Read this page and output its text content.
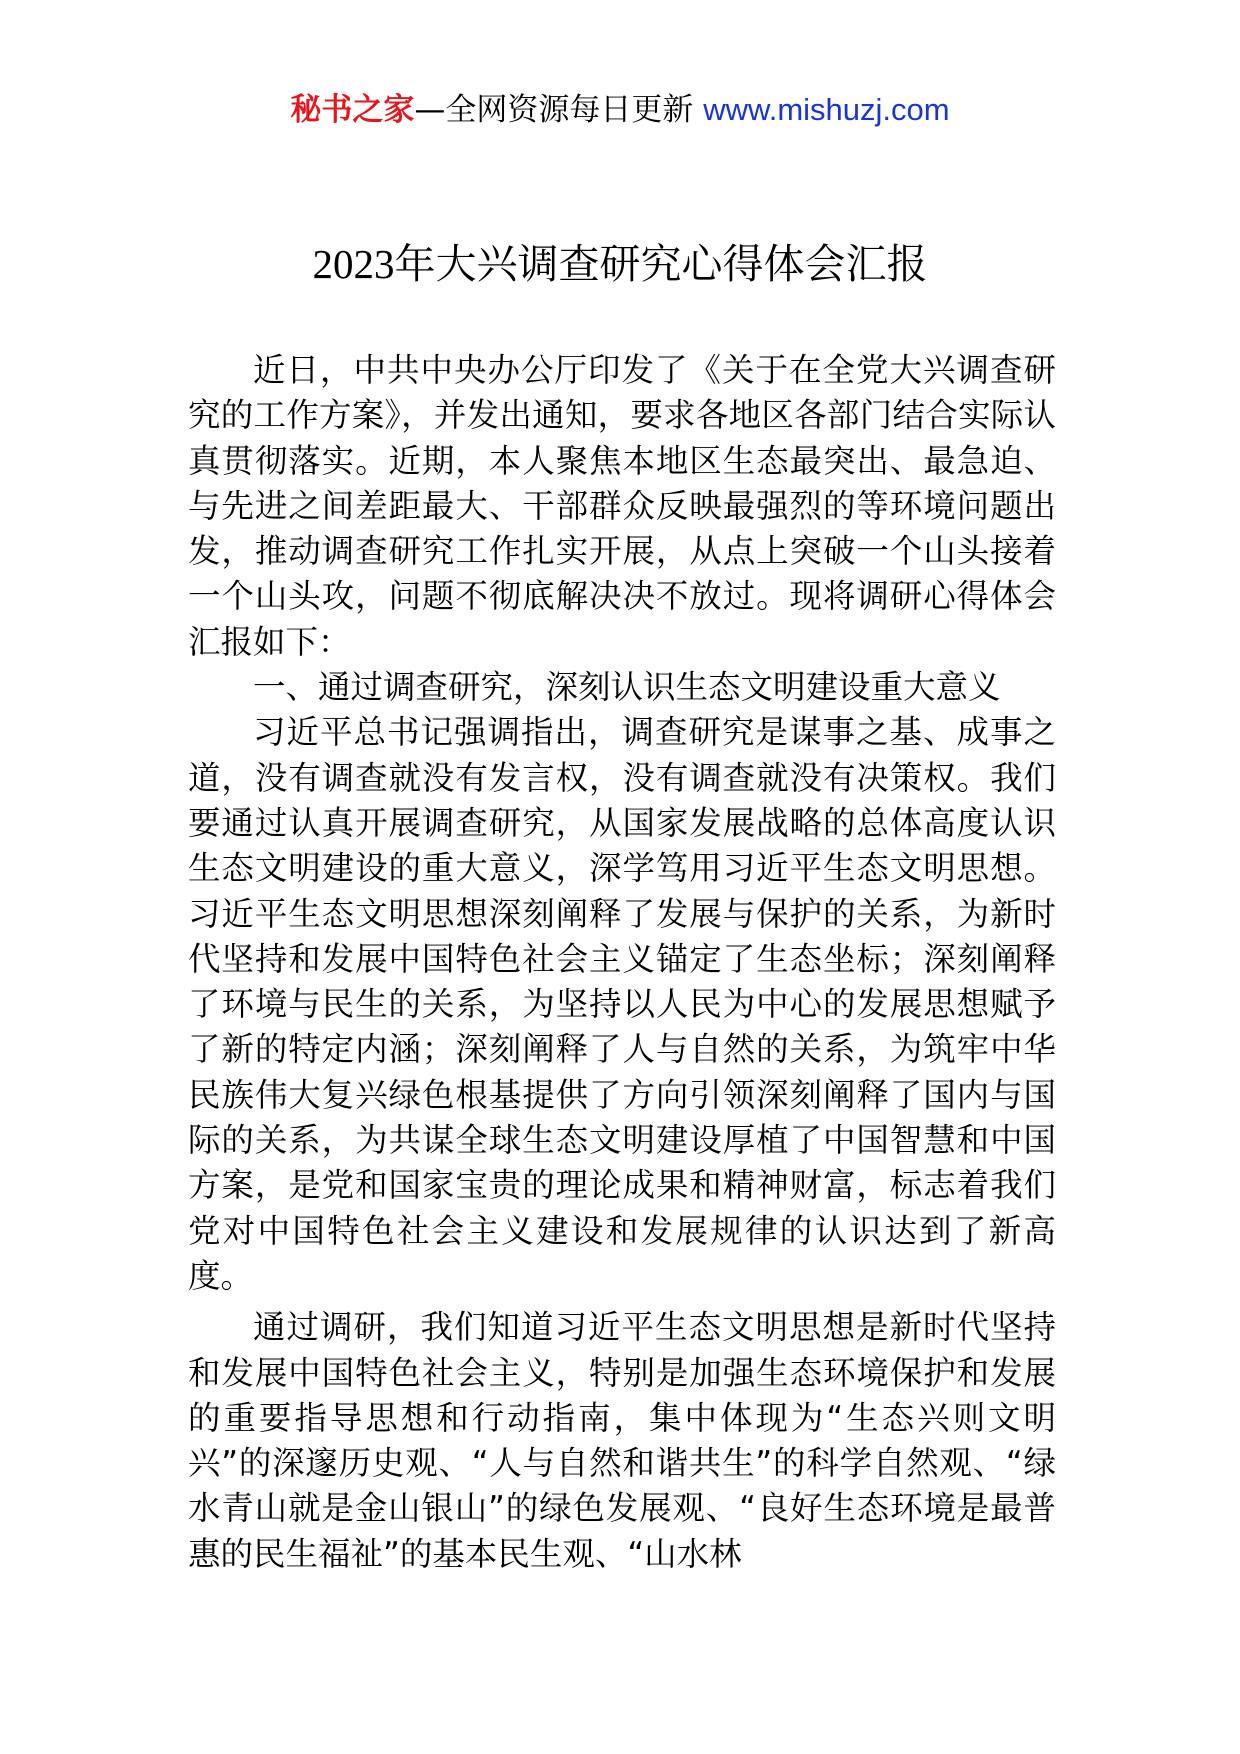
秘书之家—全网资源每日更新 www.mishuzj.com
2023年大兴调查研究心得体会汇报

近日，中共中央办公厅印发了《关于在全党大兴调查研究的工作方案》，并发出通知，要求各地区各部门结合实际认真贯彻落实。近期，本人聚焦本地区生态最突出、最急迫、与先进之间差距最大、干部群众反映最强烈的等环境问题出发，推动调查研究工作扎实开展，从点上突破一个山头接着一个山头攻，问题不彻底解决决不放过。现将调研心得体会汇报如下：

一、通过调查研究，深刻认识生态文明建设重大意义

习近平总书记强调指出，调查研究是谋事之基、成事之道，没有调查就没有发言权，没有调查就没有决策权。我们要通过认真开展调查研究，从国家发展战略的总体高度认识生态文明建设的重大意义，深学笃用习近平生态文明思想。习近平生态文明思想深刻阐释了发展与保护的关系，为新时代坚持和发展中国特色社会主义锚定了生态坐标；深刻阐释了环境与民生的关系，为坚持以人民为中心的发展思想赋予了新的特定内涵；深刻阐释了人与自然的关系，为筑牢中华民族伟大复兴绿色根基提供了方向引领深刻阐释了国内与国际的关系，为共谋全球生态文明建设厚植了中国智慧和中国方案，是党和国家宝贵的理论成果和精神财富，标志着我们党对中国特色社会主义建设和发展规律的认识达到了新高度。

通过调研，我们知道习近平生态文明思想是新时代坚持和发展中国特色社会主义，特别是加强生态环境保护和发展的重要指导思想和行动指南，集中体现为“生态兴则文明兴”的深邃历史观、“人与自然和谐共生”的科学自然观、“绿水青山就是金山银山”的绿色发展观、“良好生态环境是最普惠的民生福祉”的基本民生观、“山水林
